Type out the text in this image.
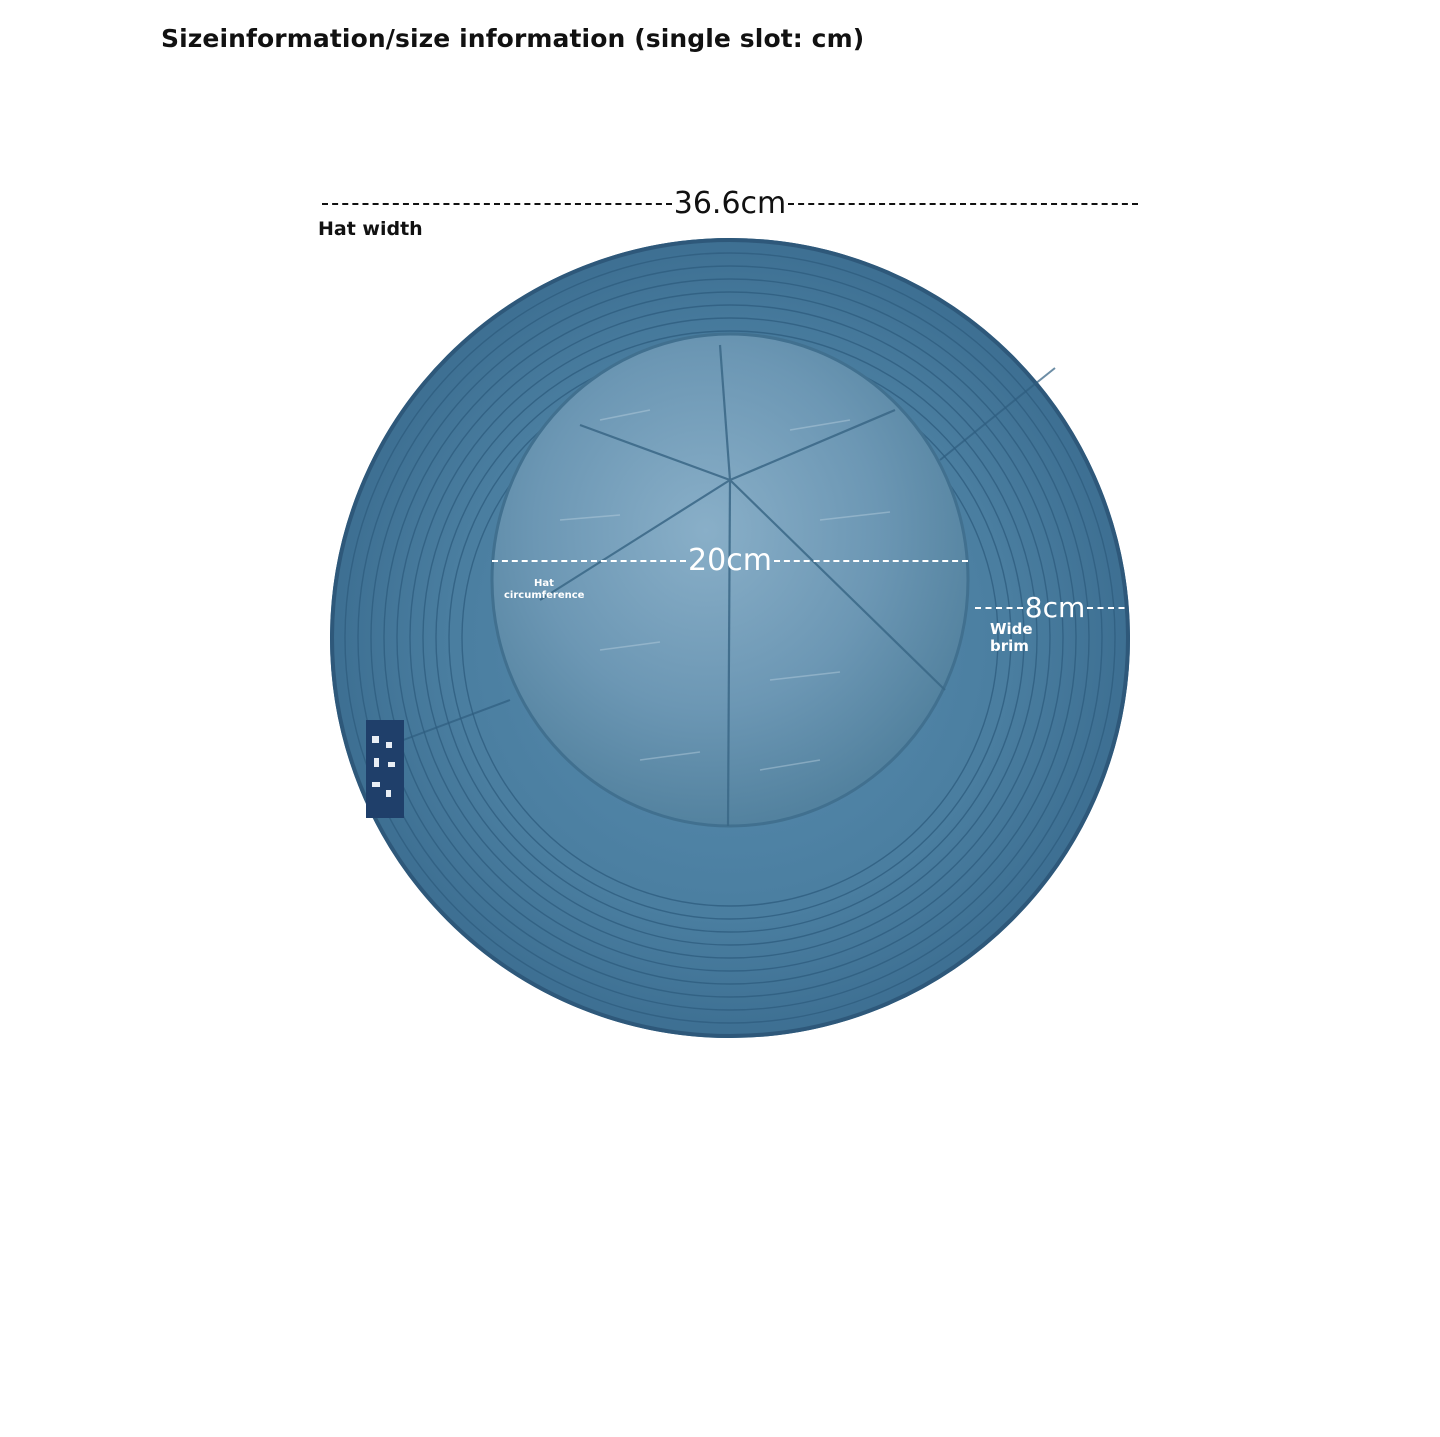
Sizeinformation/size information (single slot: cm)
36.6cm
Hat width
20cm
Hat circumference	8cm
Wide brim
